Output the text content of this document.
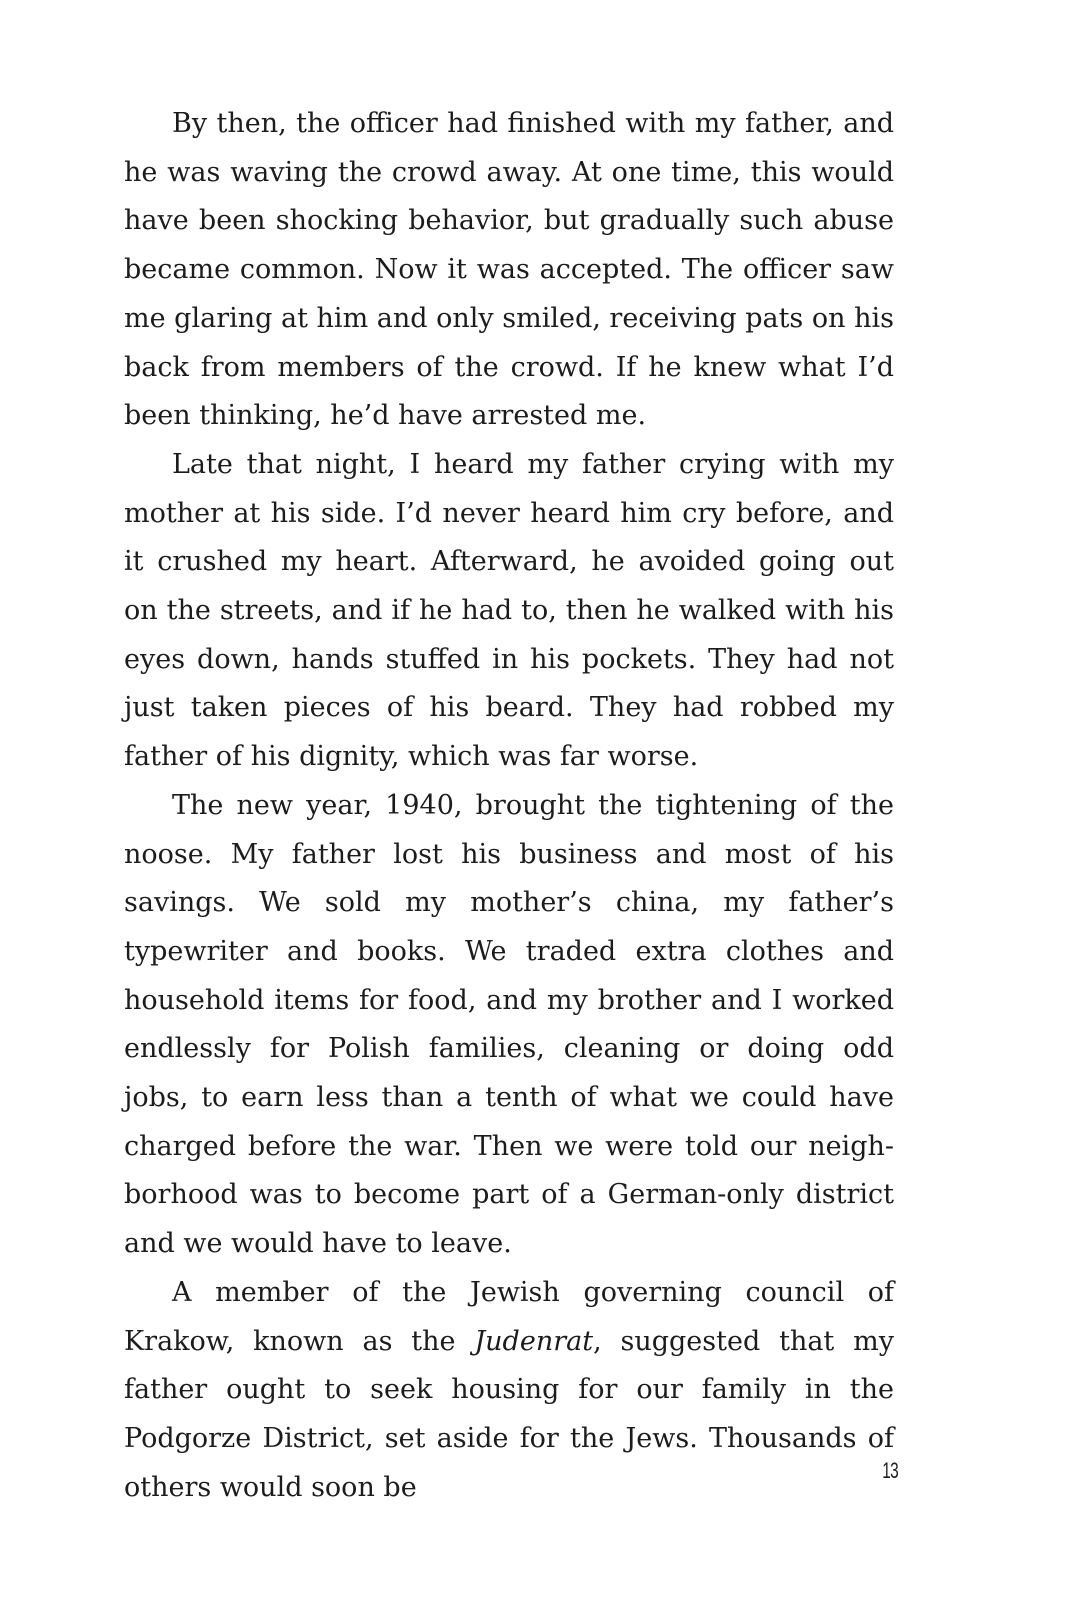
By then, the officer had finished with my father, and he was waving the crowd away. At one time, this would have been shocking behavior, but gradually such abuse became common. Now it was accepted. The officer saw me glaring at him and only smiled, receiving pats on his back from members of the crowd. If he knew what I’d been thinking, he’d have arrested me.

Late that night, I heard my father crying with my mother at his side. I’d never heard him cry before, and it crushed my heart. Afterward, he avoided going out on the streets, and if he had to, then he walked with his eyes down, hands stuffed in his pockets. They had not just taken pieces of his beard. They had robbed my father of his dignity, which was far worse.

The new year, 1940, brought the tightening of the noose. My father lost his business and most of his savings. We sold my mother’s china, my father’s typewriter and books. We traded extra clothes and household items for food, and my brother and I worked endlessly for Polish families, cleaning or doing odd jobs, to earn less than a tenth of what we could have charged before the war. Then we were told our neighborhood was to become part of a German-only district and we would have to leave.

A member of the Jewish governing council of Krakow, known as the Judenrat, suggested that my father ought to seek housing for our family in the Podgorze District, set aside for the Jews. Thousands of others would soon be

13
